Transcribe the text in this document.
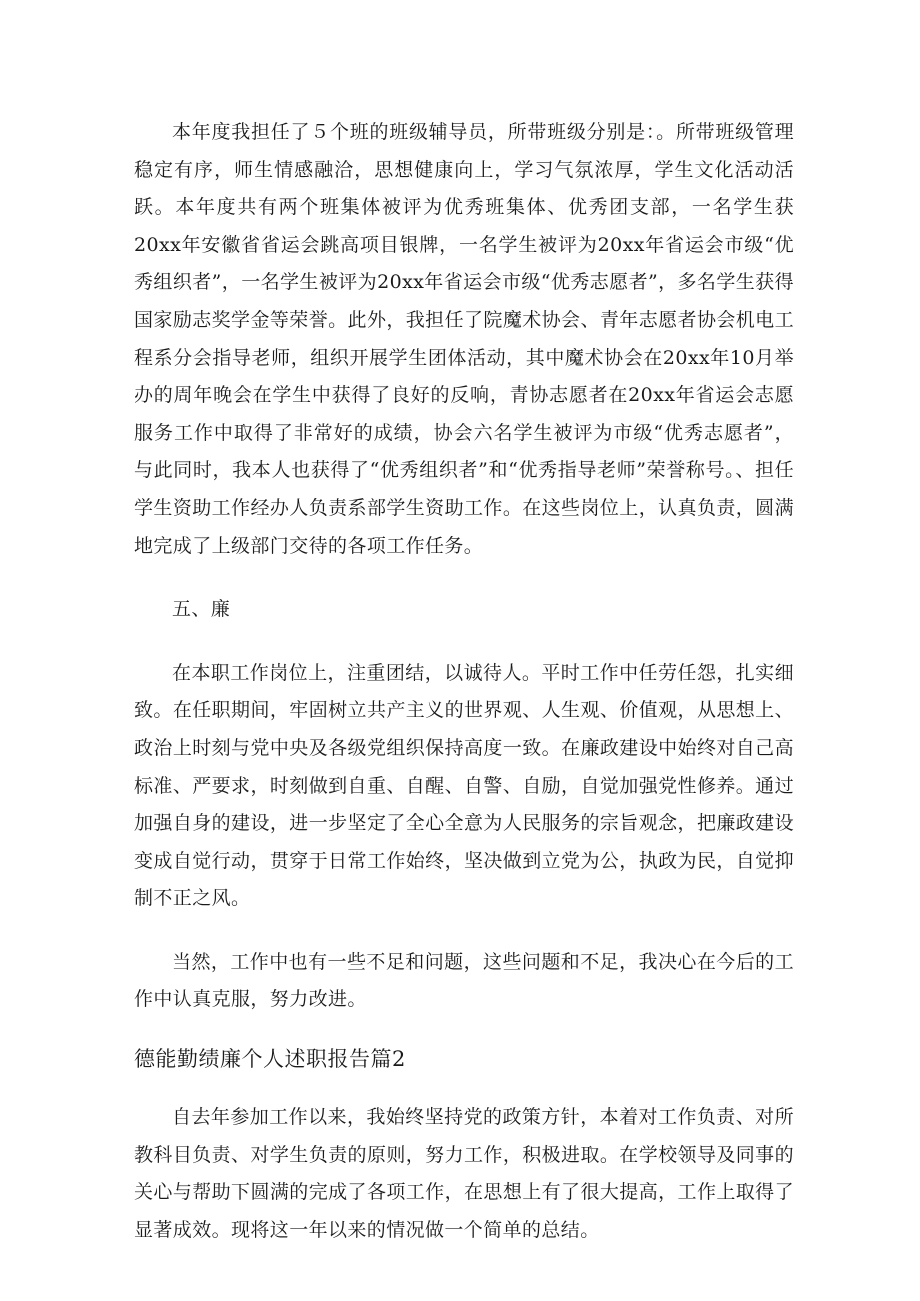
本年度我担任了５个班的班级辅导员，所带班级分别是：。所带班级管理稳定有序，师生情感融洽，思想健康向上，学习气氛浓厚，学生文化活动活跃。本年度共有两个班集体被评为优秀班集体、优秀团支部，一名学生获20xx年安徽省省运会跳高项目银牌，一名学生被评为20xx年省运会市级“优秀组织者”，一名学生被评为20xx年省运会市级“优秀志愿者”，多名学生获得国家励志奖学金等荣誉。此外，我担任了院魔术协会、青年志愿者协会机电工程系分会指导老师，组织开展学生团体活动，其中魔术协会在20xx年10月举办的周年晚会在学生中获得了良好的反响，青协志愿者在20xx年省运会志愿服务工作中取得了非常好的成绩，协会六名学生被评为市级“优秀志愿者”，与此同时，我本人也获得了“优秀组织者”和“优秀指导老师”荣誉称号。、担任学生资助工作经办人负责系部学生资助工作。在这些岗位上，认真负责，圆满地完成了上级部门交待的各项工作任务。

五、廉

在本职工作岗位上，注重团结，以诚待人。平时工作中任劳任怨，扎实细致。在任职期间，牢固树立共产主义的世界观、人生观、价值观，从思想上、政治上时刻与党中央及各级党组织保持高度一致。在廉政建设中始终对自己高标准、严要求，时刻做到自重、自醒、自警、自励，自觉加强党性修养。通过加强自身的建设，进一步坚定了全心全意为人民服务的宗旨观念，把廉政建设变成自觉行动，贯穿于日常工作始终，坚决做到立党为公，执政为民，自觉抑制不正之风。

当然，工作中也有一些不足和问题，这些问题和不足，我决心在今后的工作中认真克服，努力改进。

德能勤绩廉个人述职报告篇2

自去年参加工作以来，我始终坚持党的政策方针，本着对工作负责、对所教科目负责、对学生负责的原则，努力工作，积极进取。在学校领导及同事的关心与帮助下圆满的完成了各项工作，在思想上有了很大提高，工作上取得了显著成效。现将这一年以来的情况做一个简单的总结。
